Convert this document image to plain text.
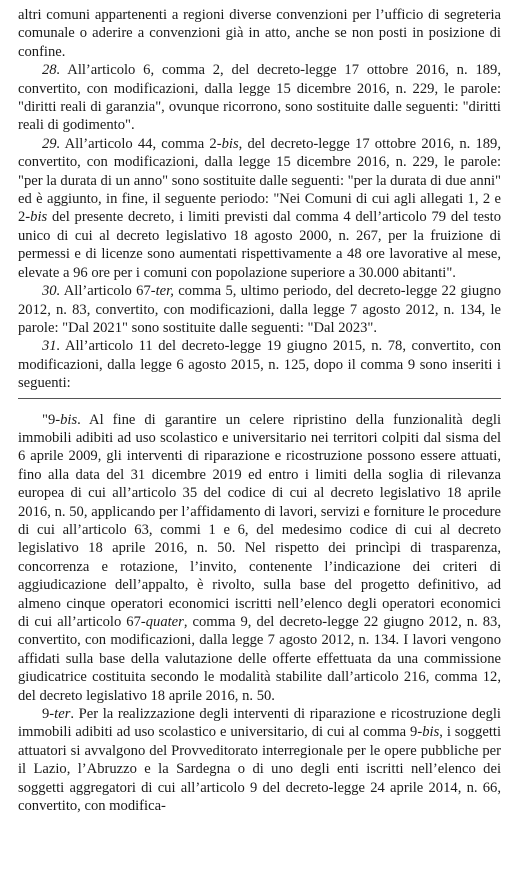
altri comuni appartenenti a regioni diverse convenzioni per l’ufficio di segreteria comunale o aderire a convenzioni già in atto, anche se non posti in posizione di confine.

28. All’articolo 6, comma 2, del decreto-legge 17 ottobre 2016, n. 189, convertito, con modificazioni, dalla legge 15 dicembre 2016, n. 229, le parole: "diritti reali di garanzia", ovunque ricorrono, sono sostituite dalle seguenti: "diritti reali di godimento".

29. All’articolo 44, comma 2-bis, del decreto-legge 17 ottobre 2016, n. 189, convertito, con modificazioni, dalla legge 15 dicembre 2016, n. 229, le parole: "per la durata di un anno" sono sostituite dalle seguenti: "per la durata di due anni" ed è aggiunto, in fine, il seguente periodo: "Nei Comuni di cui agli allegati 1, 2 e 2-bis del presente decreto, i limiti previsti dal comma 4 dell’articolo 79 del testo unico di cui al decreto legislativo 18 agosto 2000, n. 267, per la fruizione di permessi e di licenze sono aumentati rispettivamente a 48 ore lavorative al mese, elevate a 96 ore per i comuni con popolazione superiore a 30.000 abitanti".

30. All’articolo 67-ter, comma 5, ultimo periodo, del decreto-legge 22 giugno 2012, n. 83, convertito, con modificazioni, dalla legge 7 agosto 2012, n. 134, le parole: "Dal 2021" sono sostituite dalle seguenti: "Dal 2023".

31. All’articolo 11 del decreto-legge 19 giugno 2015, n. 78, convertito, con modificazioni, dalla legge 6 agosto 2015, n. 125, dopo il comma 9 sono inseriti i seguenti:

"9-bis. Al fine di garantire un celere ripristino della funzionalità degli immobili adibiti ad uso scolastico e universitario nei territori colpiti dal sisma del 6 aprile 2009, gli interventi di riparazione e ricostruzione possono essere attuati, fino alla data del 31 dicembre 2019 ed entro i limiti della soglia di rilevanza europea di cui all’articolo 35 del codice di cui al decreto legislativo 18 aprile 2016, n. 50, applicando per l’affidamento di lavori, servizi e forniture le procedure di cui all’articolo 63, commi 1 e 6, del medesimo codice di cui al decreto legislativo 18 aprile 2016, n. 50. Nel rispetto dei princìpi di trasparenza, concorrenza e rotazione, l’invito, contenente l’indicazione dei criteri di aggiudicazione dell’appalto, è rivolto, sulla base del progetto definitivo, ad almeno cinque operatori economici iscritti nell’elenco degli operatori economici di cui all’articolo 67-quater, comma 9, del decreto-legge 22 giugno 2012, n. 83, convertito, con modificazioni, dalla legge 7 agosto 2012, n. 134. I lavori vengono affidati sulla base della valutazione delle offerte effettuata da una commissione giudicatrice costituita secondo le modalità stabilite dall’articolo 216, comma 12, del decreto legislativo 18 aprile 2016, n. 50.

9-ter. Per la realizzazione degli interventi di riparazione e ricostruzione degli immobili adibiti ad uso scolastico e universitario, di cui al comma 9-bis, i soggetti attuatori si avvalgono del Provveditorato interregionale per le opere pubbliche per il Lazio, l’Abruzzo e la Sardegna o di uno degli enti iscritti nell’elenco dei soggetti aggregatori di cui all’articolo 9 del decreto-legge 24 aprile 2014, n. 66, convertito, con modifica-
